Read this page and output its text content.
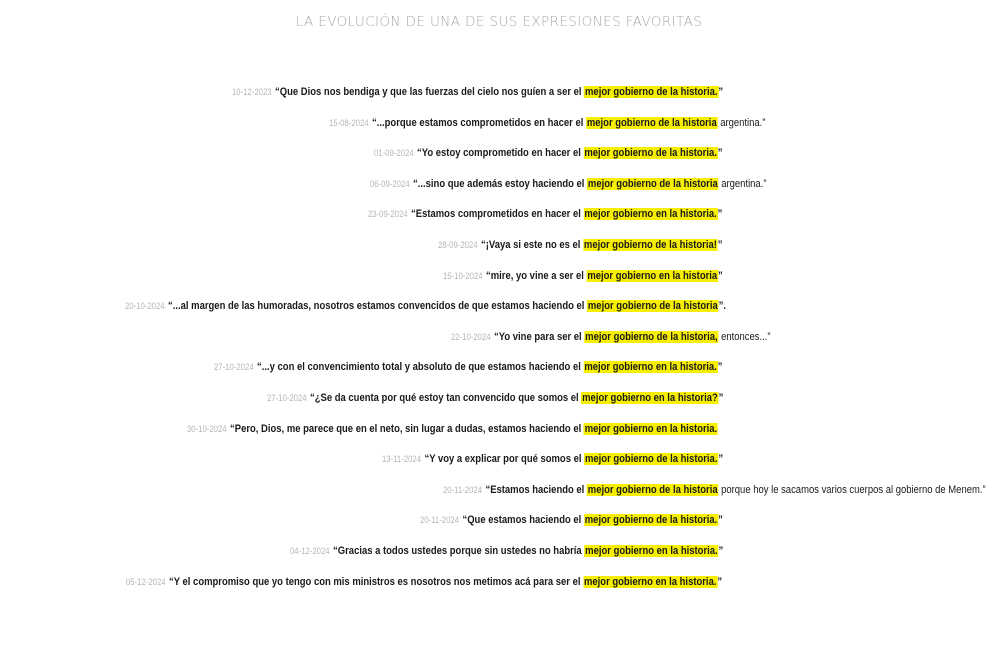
LA EVOLUCIÓN DE UNA DE SUS EXPRESIONES FAVORITAS
10-12-2023 “Que Dios nos bendiga y que las fuerzas del cielo nos guíen a ser el mejor gobierno de la historia.”
15-08-2024 “...porque estamos comprometidos en hacer el mejor gobierno de la historia argentina.”
01-09-2024 “Yo estoy comprometido en hacer el mejor gobierno de la historia.”
06-09-2024 “...sino que además estoy haciendo el mejor gobierno de la historia argentina.”
23-09-2024 “Estamos comprometidos en hacer el mejor gobierno en la historia.”
28-09-2024 “¡Vaya si este no es el mejor gobierno de la historia!”
15-10-2024 “mire, yo vine a ser el mejor gobierno en la historia”
20-10-2024 “...al margen de las humoradas, nosotros estamos convencidos de que estamos haciendo el mejor gobierno de la historia”.
22-10-2024 “Yo vine para ser el mejor gobierno de la historia, entonces...”
27-10-2024 “...y con el convencimiento total y absoluto de que estamos haciendo el mejor gobierno en la historia.”
27-10-2024 “¿Se da cuenta por qué estoy tan convencido que somos el mejor gobierno en la historia?”
30-10-2024 “Pero, Dios, me parece que en el neto, sin lugar a dudas, estamos haciendo el mejor gobierno en la historia.
13-11-2024 “Y voy a explicar por qué somos el mejor gobierno de la historia.”
20-11-2024 “Estamos haciendo el mejor gobierno de la historia porque hoy le sacamos varios cuerpos al gobierno de Menem.”
20-11-2024 “Que estamos haciendo el mejor gobierno de la historia.”
04-12-2024 “Gracias a todos ustedes porque sin ustedes no habría mejor gobierno en la historia.”
05-12-2024 “Y el compromiso que yo tengo con mis ministros es nosotros nos metimos acá para ser el mejor gobierno en la historia.”
